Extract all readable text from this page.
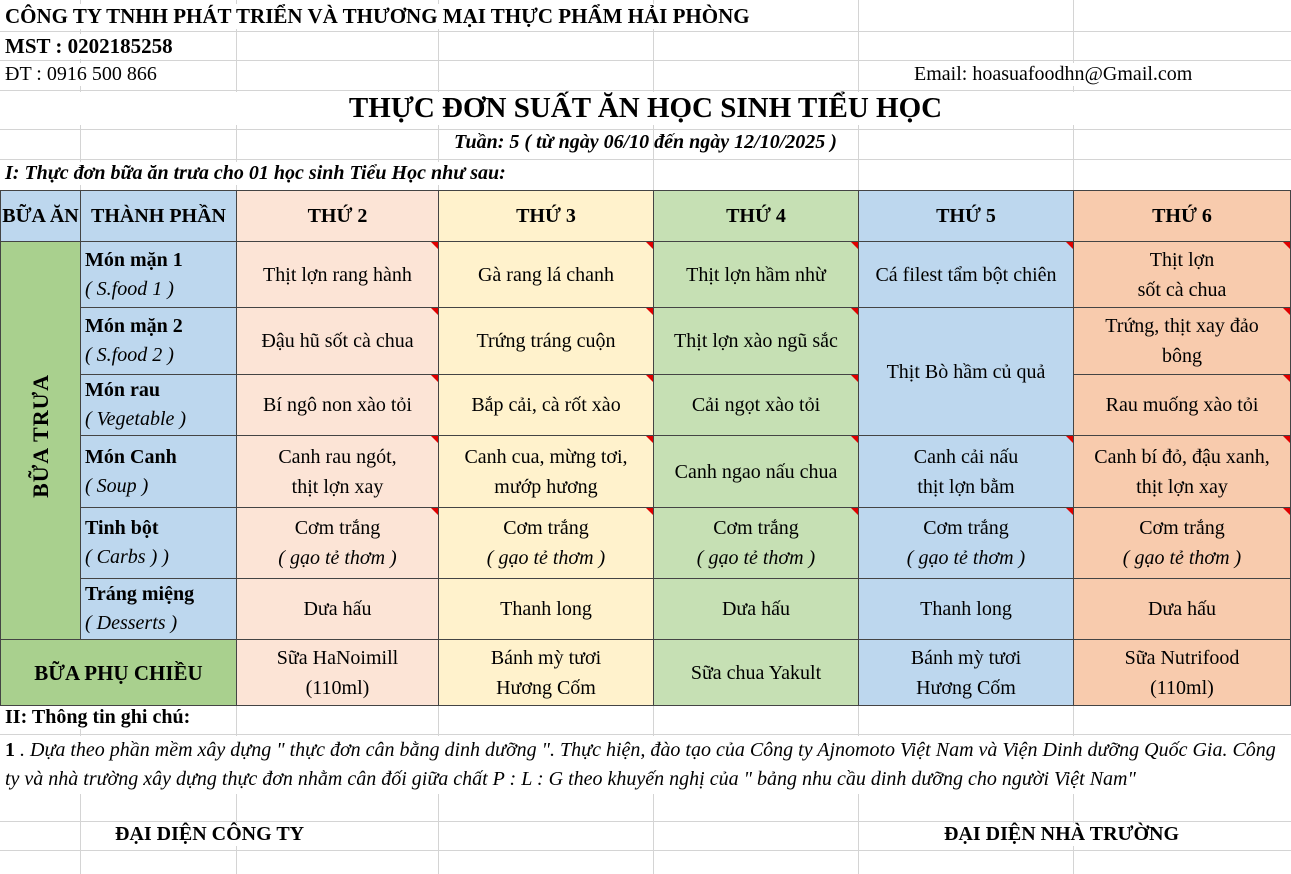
CÔNG TY TNHH PHÁT TRIỂN VÀ THƯƠNG MẠI THỰC PHẨM HẢI PHÒNG
MST : 0202185258
ĐT : 0916 500 866	Email: hoasuafoodhn@Gmail.com
THỰC ĐƠN SUẤT ĂN HỌC SINH TIỂU HỌC
Tuần: 5 ( từ ngày 06/10 đến ngày 12/10/2025 )
I: Thực đơn bữa ăn trưa cho 01 học sinh Tiểu Học như sau:
BỮA ĂN	THÀNH PHẦN	THỨ 2	THỨ 3	THỨ 4	THỨ 5	THỨ 6
BỮA TRƯA	Món mặn 1
( S.food 1 )	Thịt lợn rang hành	Gà rang lá chanh	Thịt lợn hầm nhừ	Cá filest tẩm bột chiên	Thịt lợn
sốt cà chua

	Món mặn 2
( S.food 2 )	Đậu hũ sốt cà chua	Trứng tráng cuộn	Thịt lợn xào ngũ sắc	Thịt Bò hầm củ quả	Trứng, thịt xay đảo
bông

	Món rau
( Vegetable )	Bí ngô non xào tỏi	Bắp cải, cà rốt xào	Cải ngọt xào tỏi		Rau muống xào tỏi
	Món Canh
( Soup )	Canh rau ngót,
thịt lợn xay	Canh cua, mừng tơi,
mướp hương	Canh ngao nấu chua	Canh cải nấu
thịt lợn bằm	Canh bí đỏ, đậu xanh,
thịt lợn xay

	Tinh bột
( Carbs ) )	Cơm trắng
( gạo tẻ thơm )	Cơm trắng
( gạo tẻ thơm )	Cơm trắng
( gạo tẻ thơm )	Cơm trắng
( gạo tẻ thơm )	Cơm trắng
( gạo tẻ thơm )

	Tráng miệng
( Desserts )	Dưa hấu	Thanh long	Dưa hấu	Thanh long	Dưa hấu
BỮA PHỤ CHIỀU		Sữa HaNoimill
(110ml)	Bánh mỳ tươi
Hương Cốm	Sữa chua Yakult	Bánh mỳ tươi
Hương Cốm	Sữa Nutrifood
(110ml)
II: Thông tin ghi chú:
1 . Dựa theo phần mềm xây dựng " thực đơn cân bằng dinh dưỡng ". Thực hiện, đào tạo của Công ty Ajnomoto Việt Nam và Viện Dinh dưỡng Quốc Gia. Công ty và nhà trường xây dựng thực đơn nhằm cân đối giữa chất P : L : G theo khuyến nghị của " bảng nhu cầu dinh dưỡng cho người Việt Nam"
ĐẠI DIỆN CÔNG TY	ĐẠI DIỆN NHÀ TRƯỜNG
